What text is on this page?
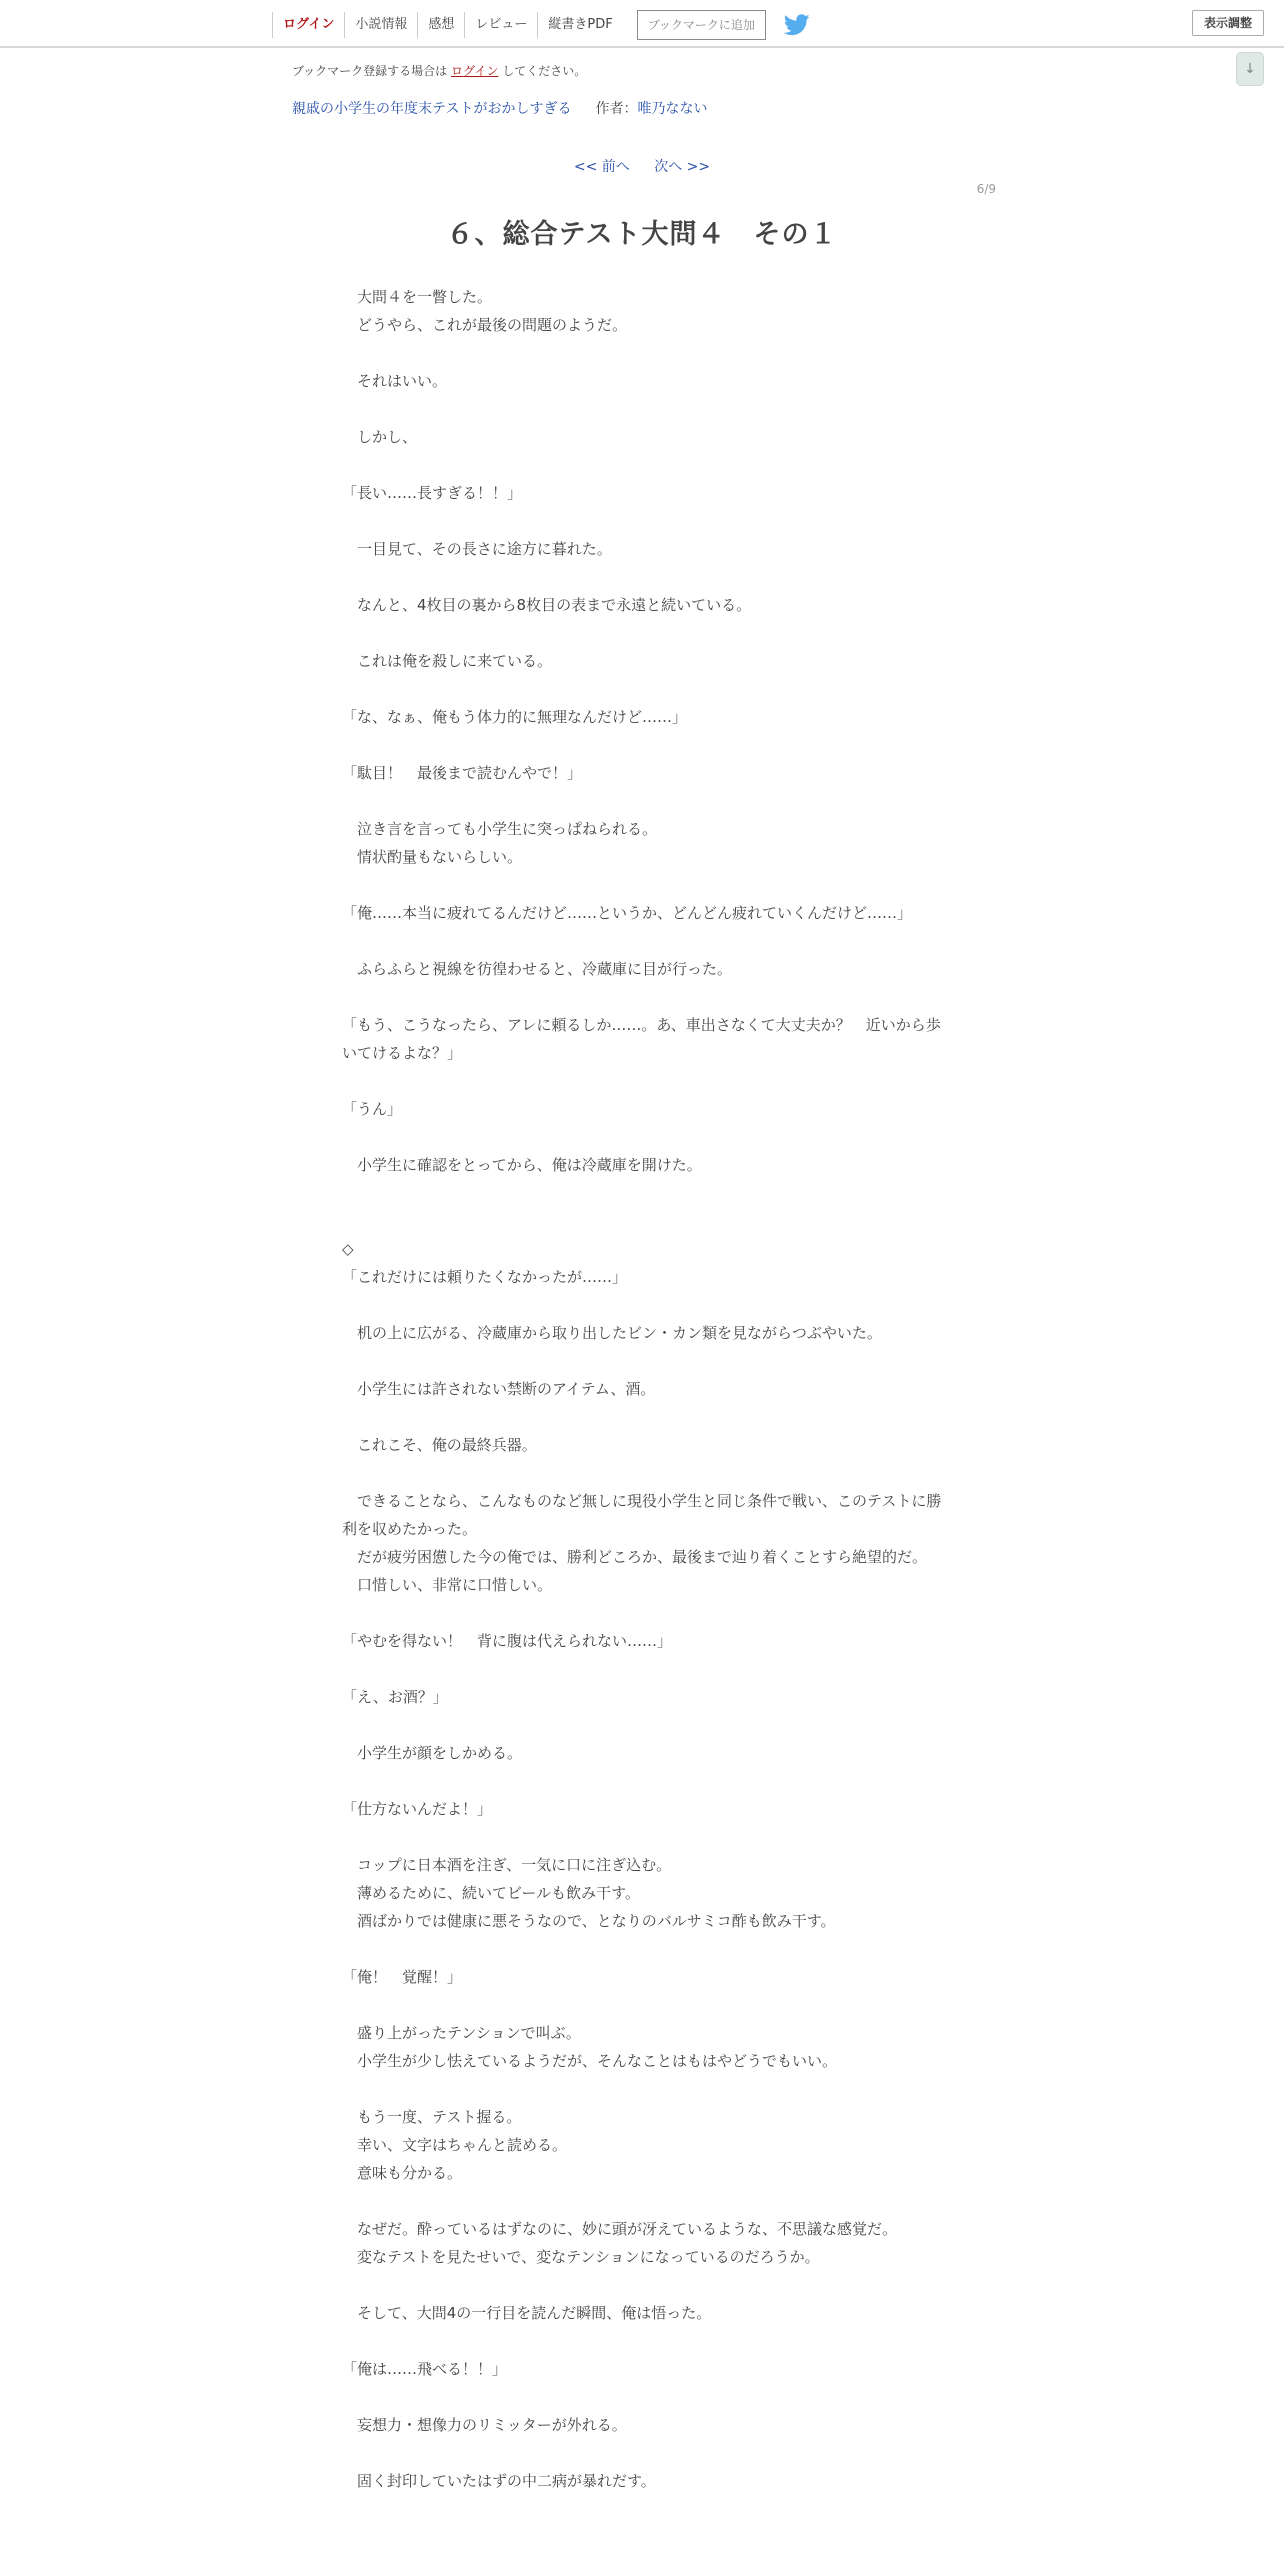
ログイン	小説情報	感想	レビュー	縦書きPDF	ブックマークに追加	表示調整
↓
ブックマーク登録する場合は ログイン してください。
親戚の小学生の年度末テストがおかしすぎる 作者：唯乃なない
<< 前へ 次へ >>
6/9
６、総合テスト大問４　その１

　大問４を一瞥した。

　どうやら、これが最後の問題のようだ。

　それはいい。

　しかし、

「長い……長すぎる！！」

　一目見て、その長さに途方に暮れた。

　なんと、4枚目の裏から8枚目の表まで永遠と続いている。

　これは俺を殺しに来ている。

「な、なぁ、俺もう体力的に無理なんだけど……」

「駄目！　最後まで読むんやで！」

　泣き言を言っても小学生に突っぱねられる。

　情状酌量もないらしい。

「俺……本当に疲れてるんだけど……というか、どんどん疲れていくんだけど……」

　ふらふらと視線を彷徨わせると、冷蔵庫に目が行った。

「もう、こうなったら、アレに頼るしか……。あ、車出さなくて大丈夫か？　近いから歩いてけるよな？」

「うん」

　小学生に確認をとってから、俺は冷蔵庫を開けた。

◇

「これだけには頼りたくなかったが……」

　机の上に広がる、冷蔵庫から取り出したビン・カン類を見ながらつぶやいた。

　小学生には許されない禁断のアイテム、酒。

　これこそ、俺の最終兵器。

　できることなら、こんなものなど無しに現役小学生と同じ条件で戦い、このテストに勝利を収めたかった。

　だが疲労困憊した今の俺では、勝利どころか、最後まで辿り着くことすら絶望的だ。

　口惜しい、非常に口惜しい。

「やむを得ない！　背に腹は代えられない……」

「え、お酒？」

　小学生が顔をしかめる。

「仕方ないんだよ！」

　コップに日本酒を注ぎ、一気に口に注ぎ込む。

　薄めるために、続いてビールも飲み干す。

　酒ばかりでは健康に悪そうなので、となりのバルサミコ酢も飲み干す。

「俺！　覚醒！」

　盛り上がったテンションで叫ぶ。

　小学生が少し怯えているようだが、そんなことはもはやどうでもいい。

　もう一度、テスト握る。

　幸い、文字はちゃんと読める。

　意味も分かる。

　なぜだ。酔っているはずなのに、妙に頭が冴えているような、不思議な感覚だ。

　変なテストを見たせいで、変なテンションになっているのだろうか。

　そして、大問4の一行目を読んだ瞬間、俺は悟った。

「俺は……飛べる！！」

　妄想力・想像力のリミッターが外れる。

　固く封印していたはずの中二病が暴れだす。
